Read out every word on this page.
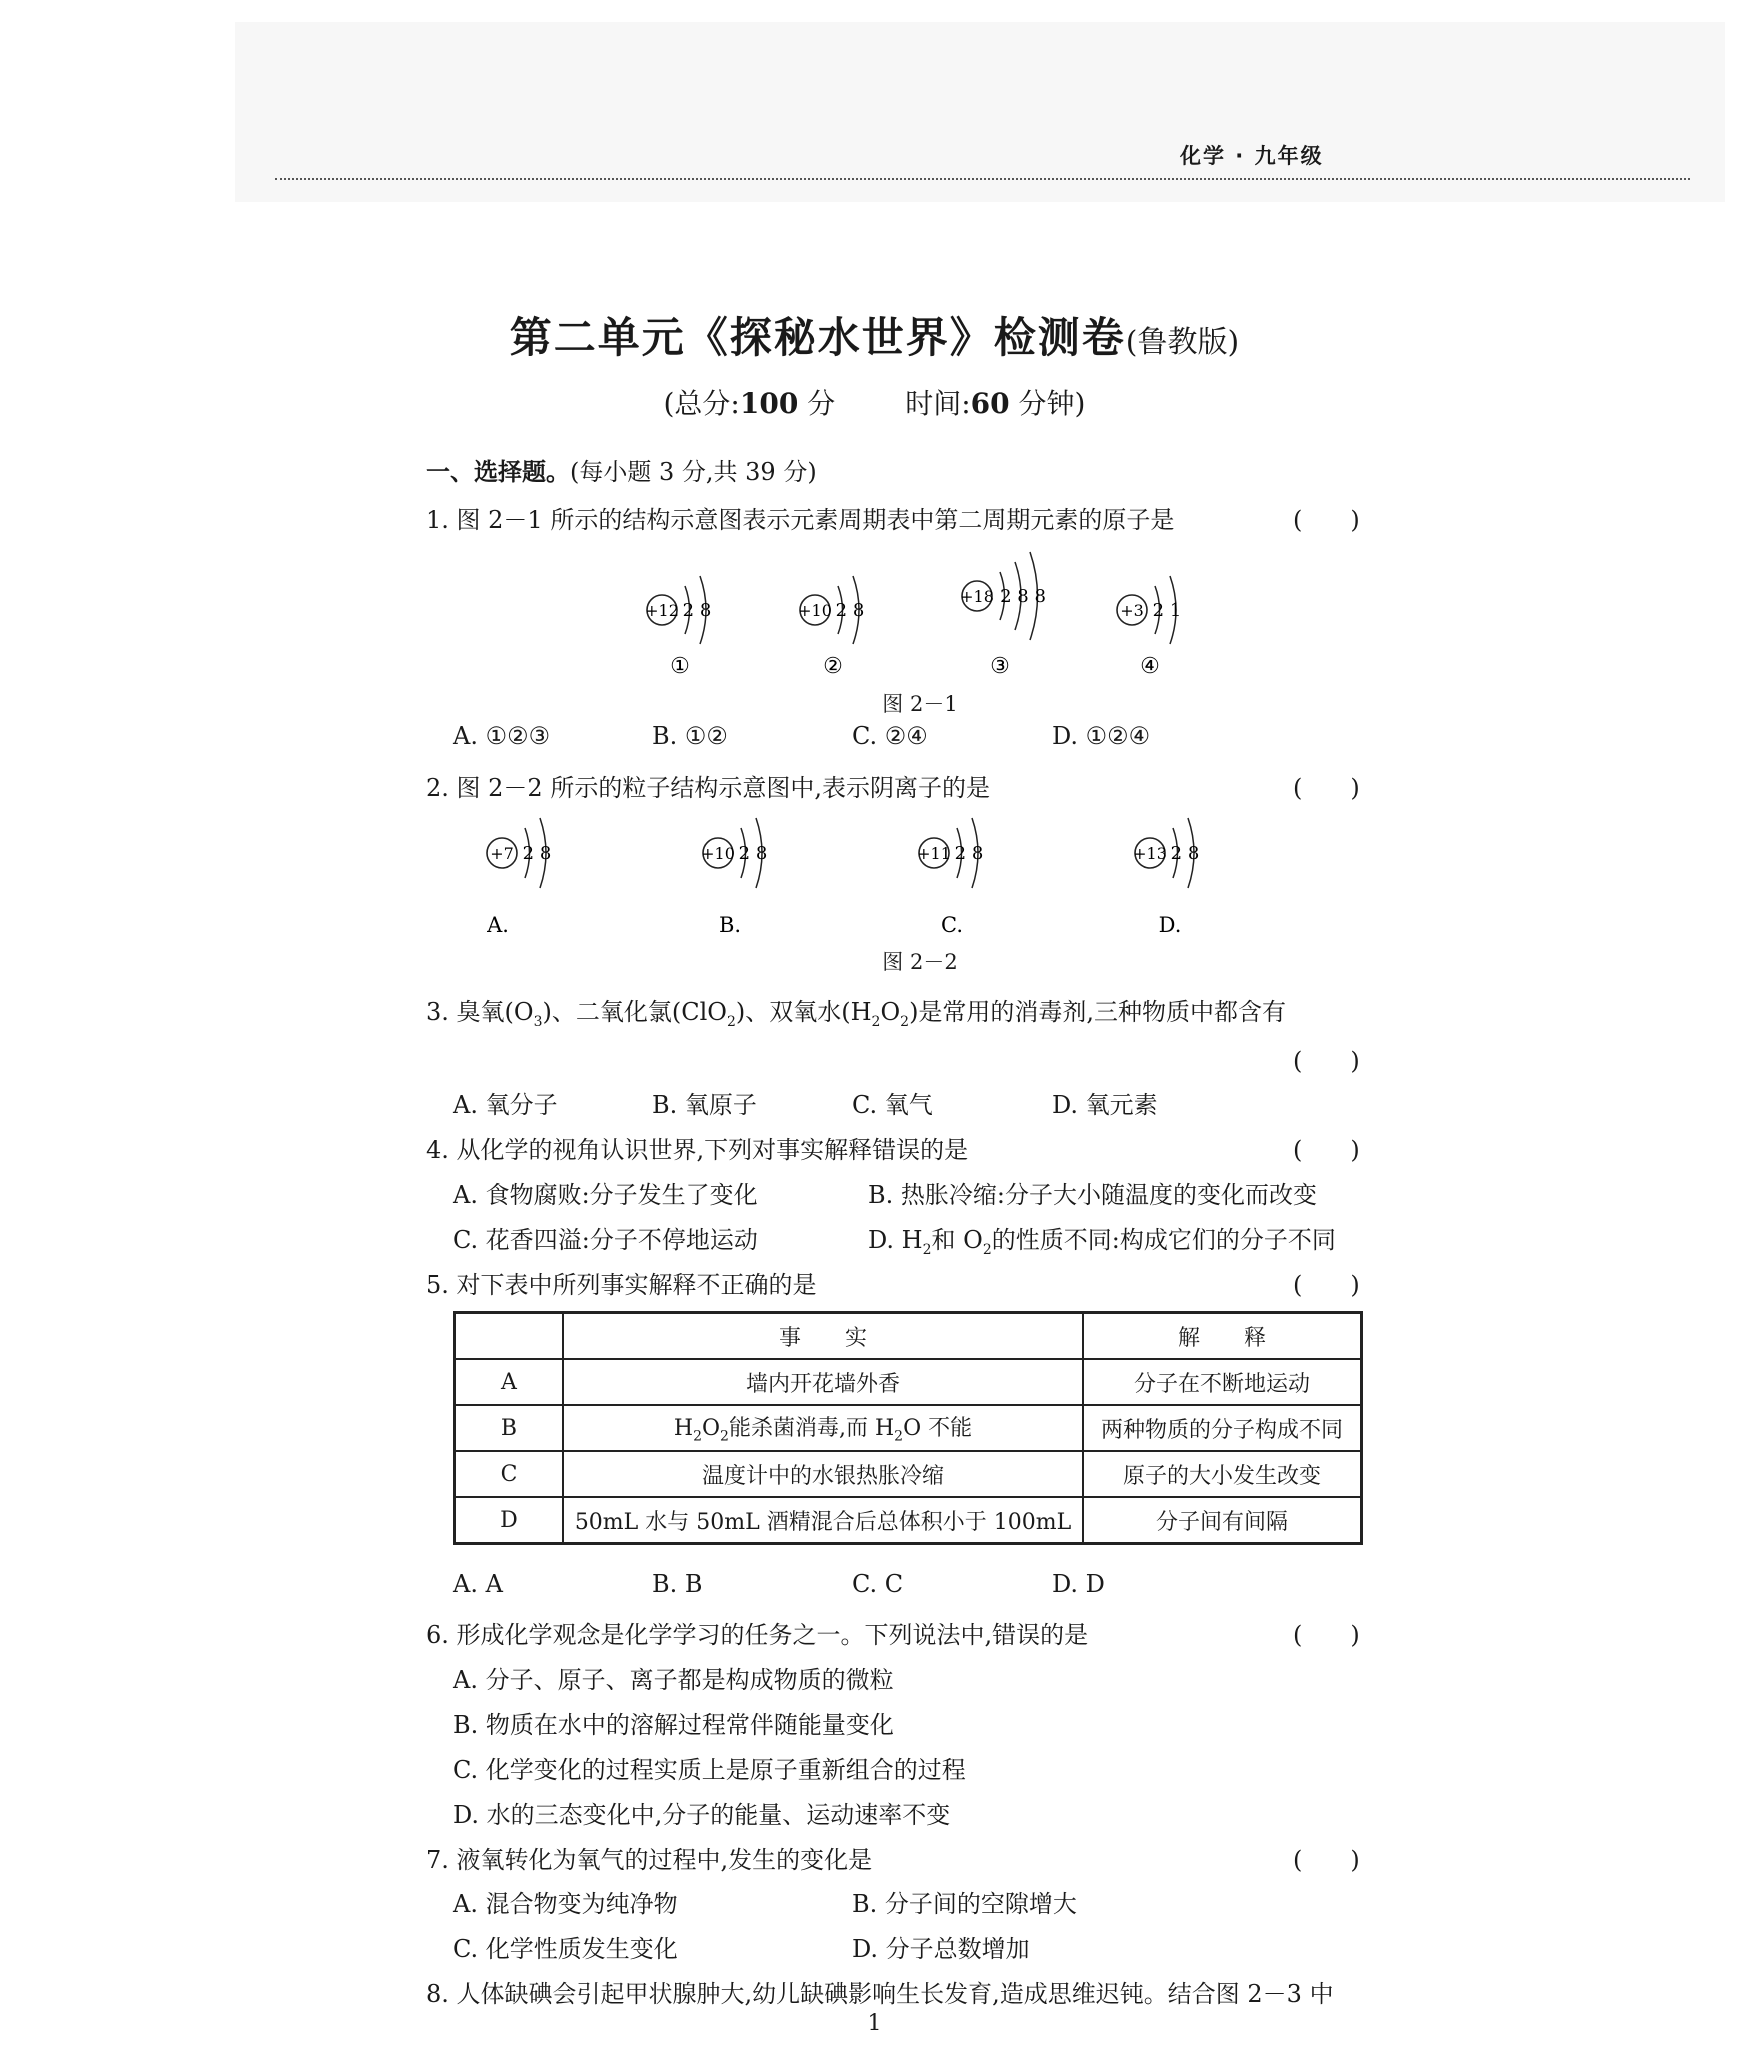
化学 · 九年级
第二单元《探秘水世界》检测卷(鲁教版)
(总分:100 分	时间:60 分钟)
一、选择题。(每小题 3 分,共 39 分)
1. 图 2－1 所示的结构示意图表示元素周期表中第二周期元素的原子是	(　　)
+12 2 8
①
+10 2 8
②
+18 2 8 8
③
+3 2 1
④
图 2－1
A. ①②③	B. ①②	C. ②④	D. ①②④
2. 图 2－2 所示的粒子结构示意图中,表示阴离子的是	(　　)
+7 2 8
A.
+10 2 8
B.
+11 2 8
C.
+13 2 8
D.
图 2－2
3. 臭氧$(O_3)$、二氧化氯(ClO$_2$)、双氧水$(H_2O_2)$是常用的消毒剂,三种物质中都含有
(　　)
A. 氧分子	B. 氧原子	C. 氧气	D. 氧元素
4. 从化学的视角认识世界,下列对事实解释错误的是	(　　)
A. 食物腐败:分子发生了变化	B. 热胀冷缩:分子大小随温度的变化而改变
C. 花香四溢:分子不停地运动	D. $H_2$和 $O_2$的性质不同:构成它们的分子不同
5. 对下表中所列事实解释不正确的是	(　　)
	事　　实	解　　释
A	墙内开花墙外香	分子在不断地运动
B	$H_2O_2$能杀菌消毒,而 $H_2O$ 不能	两种物质的分子构成不同
C	温度计中的水银热胀冷缩	原子的大小发生改变
D	50mL 水与 50mL 酒精混合后总体积小于 100mL	分子间有间隔
A. A	B. B	C. C	D. D
6. 形成化学观念是化学学习的任务之一。下列说法中,错误的是	(　　)
A. 分子、原子、离子都是构成物质的微粒
B. 物质在水中的溶解过程常伴随能量变化
C. 化学变化的过程实质上是原子重新组合的过程
D. 水的三态变化中,分子的能量、运动速率不变
7. 液氧转化为氧气的过程中,发生的变化是	(　　)
A. 混合物变为纯净物	B. 分子间的空隙增大
C. 化学性质发生变化	D. 分子总数增加
8. 人体缺碘会引起甲状腺肿大,幼儿缺碘影响生长发育,造成思维迟钝。结合图 2－3 中
1
